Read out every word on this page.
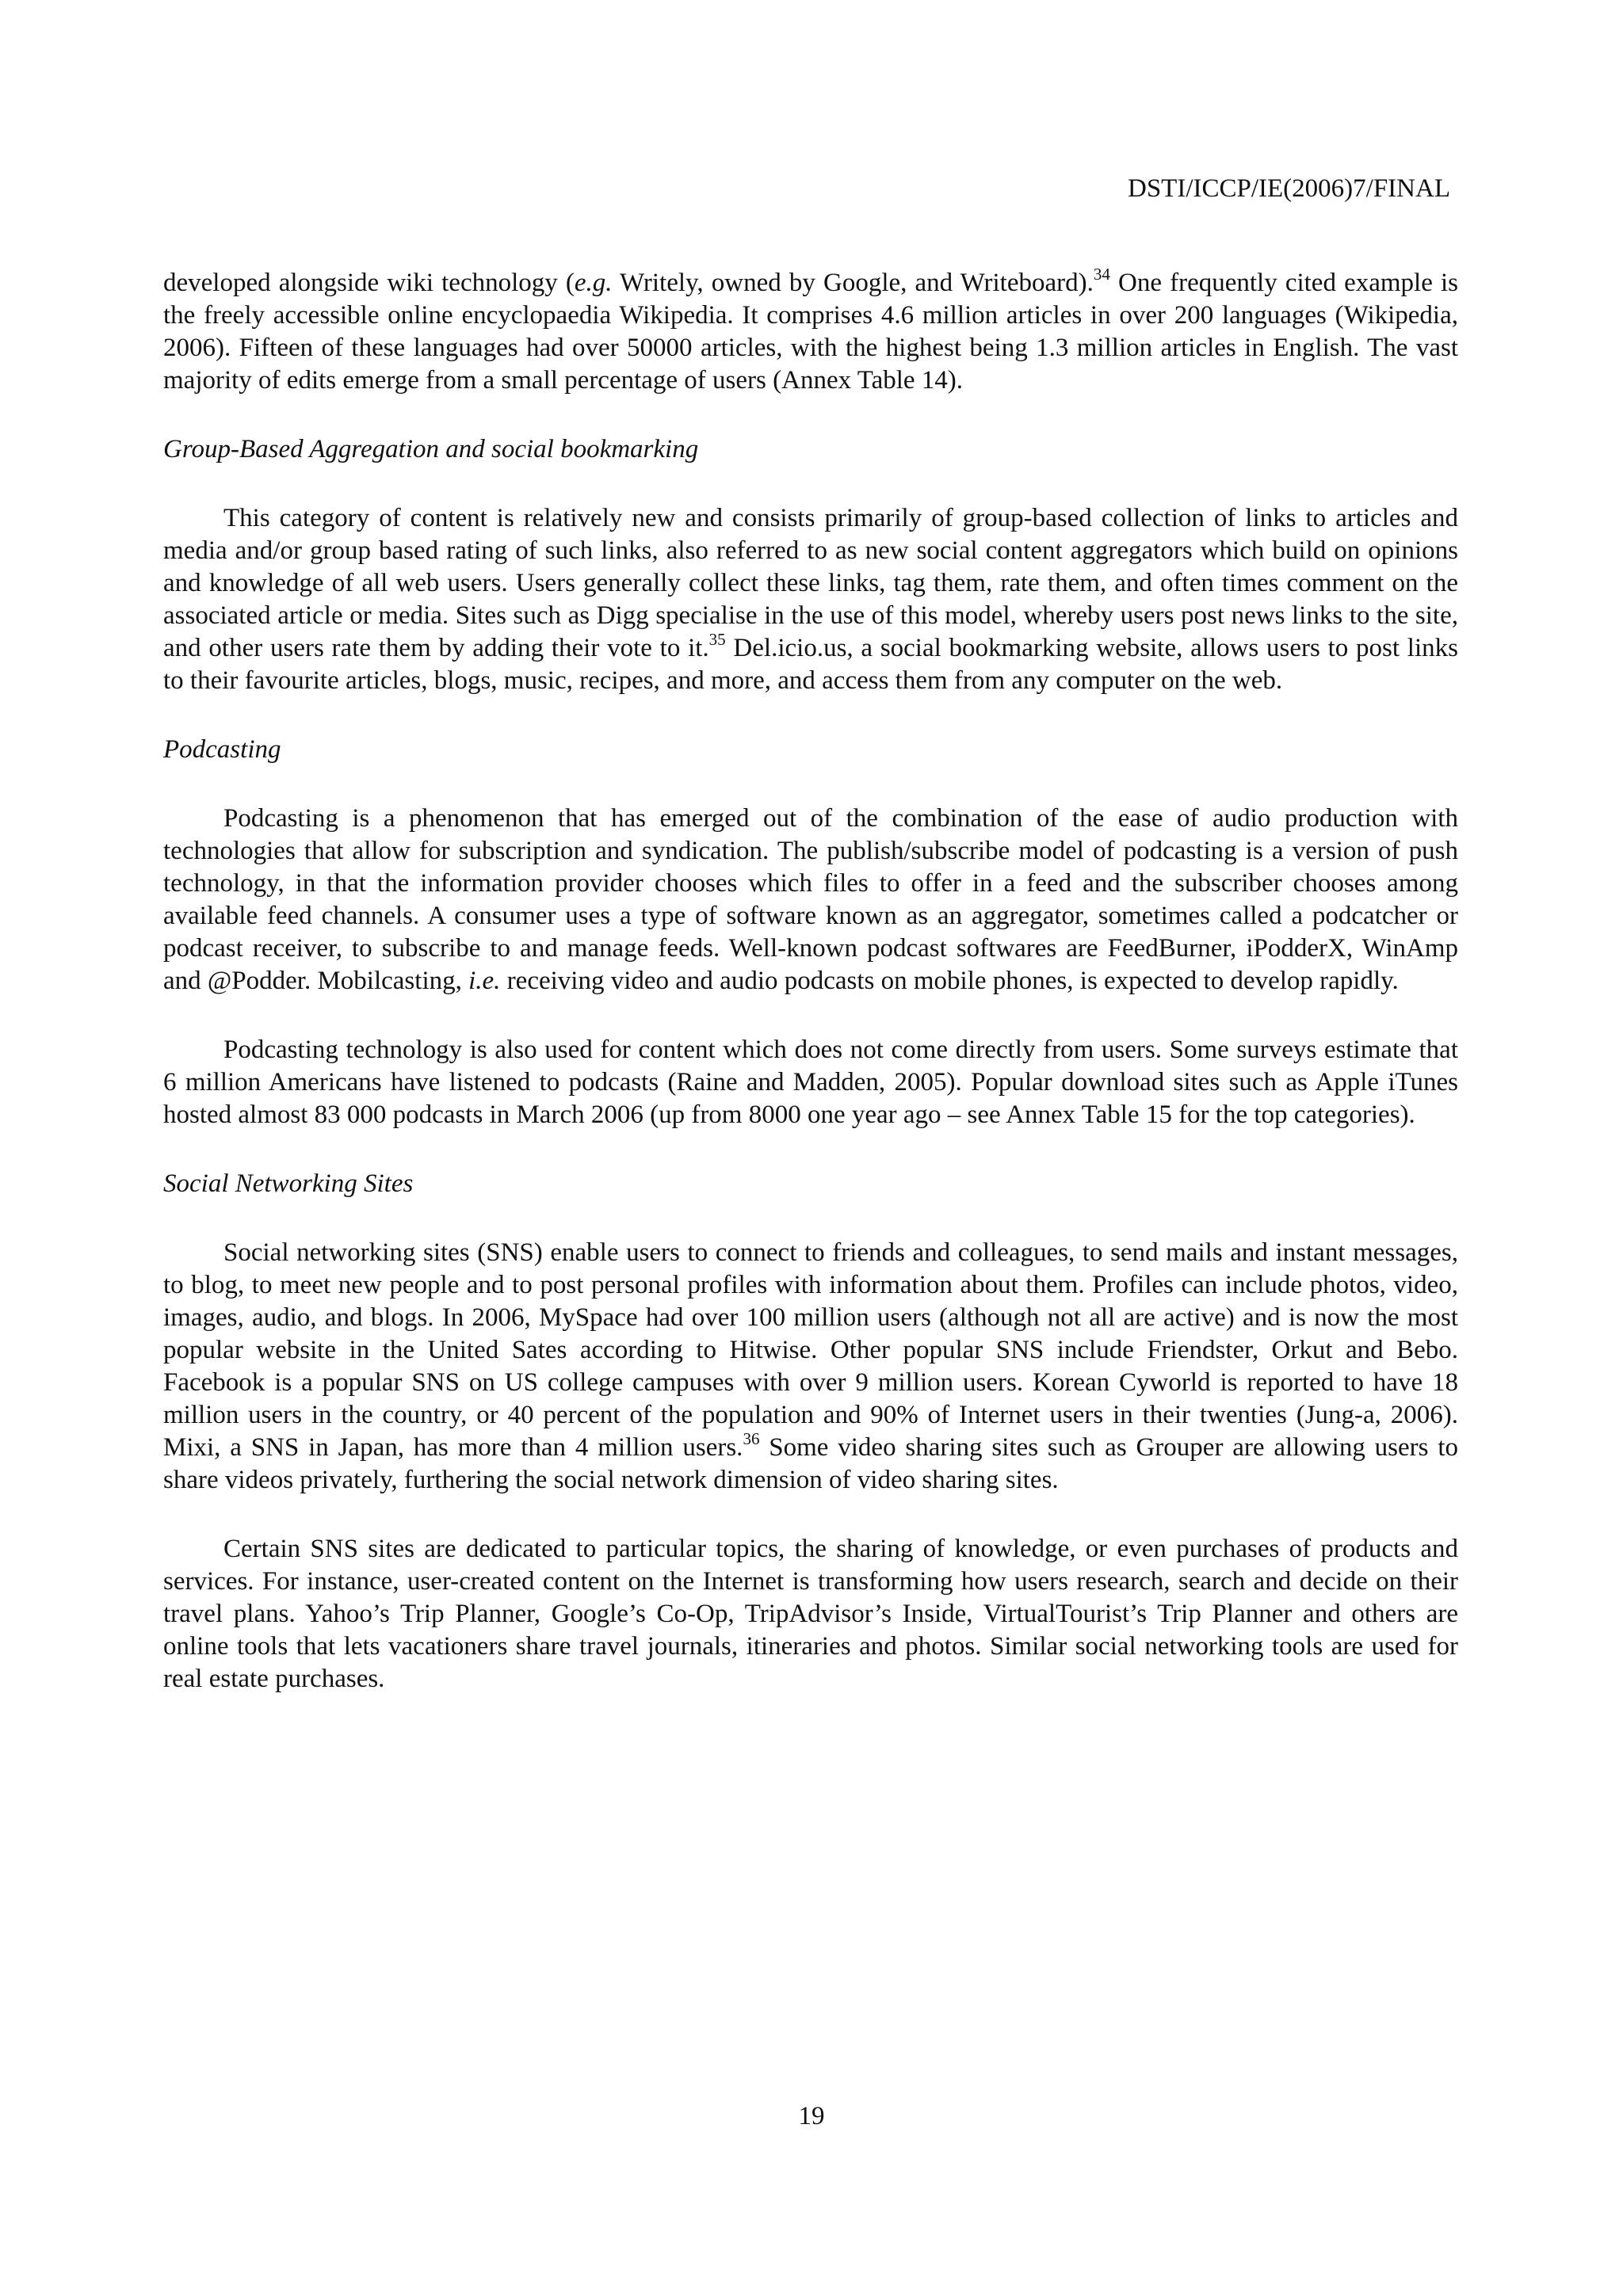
DSTI/ICCP/IE(2006)7/FINAL

developed alongside wiki technology (e.g. Writely, owned by Google, and Writeboard).$^{34}$ One frequently cited example is the freely accessible online encyclopaedia Wikipedia. It comprises 4.6 million articles in over 200 languages (Wikipedia, 2006). Fifteen of these languages had over 50000 articles, with the highest being 1.3 million articles in English. The vast majority of edits emerge from a small percentage of users (Annex Table 14).

Group-Based Aggregation and social bookmarking

This category of content is relatively new and consists primarily of group-based collection of links to articles and media and/or group based rating of such links, also referred to as new social content aggregators which build on opinions and knowledge of all web users. Users generally collect these links, tag them, rate them, and often times comment on the associated article or media. Sites such as Digg specialise in the use of this model, whereby users post news links to the site, and other users rate them by adding their vote to it.$^{35}$ Del.icio.us, a social bookmarking website, allows users to post links to their favourite articles, blogs, music, recipes, and more, and access them from any computer on the web.

Podcasting

Podcasting is a phenomenon that has emerged out of the combination of the ease of audio production with technologies that allow for subscription and syndication. The publish/subscribe model of podcasting is a version of push technology, in that the information provider chooses which files to offer in a feed and the subscriber chooses among available feed channels. A consumer uses a type of software known as an aggregator, sometimes called a podcatcher or podcast receiver, to subscribe to and manage feeds. Well-known podcast softwares are FeedBurner, iPodderX, WinAmp and @Podder. Mobilcasting, i.e. receiving video and audio podcasts on mobile phones, is expected to develop rapidly.

Podcasting technology is also used for content which does not come directly from users. Some surveys estimate that 6 million Americans have listened to podcasts (Raine and Madden, 2005). Popular download sites such as Apple iTunes hosted almost 83 000 podcasts in March 2006 (up from 8000 one year ago – see Annex Table 15 for the top categories).

Social Networking Sites

Social networking sites (SNS) enable users to connect to friends and colleagues, to send mails and instant messages, to blog, to meet new people and to post personal profiles with information about them. Profiles can include photos, video, images, audio, and blogs. In 2006, MySpace had over 100 million users (although not all are active) and is now the most popular website in the United Sates according to Hitwise. Other popular SNS include Friendster, Orkut and Bebo. Facebook is a popular SNS on US college campuses with over 9 million users. Korean Cyworld is reported to have 18 million users in the country, or 40 percent of the population and 90% of Internet users in their twenties (Jung-a, 2006). Mixi, a SNS in Japan, has more than 4 million users.$^{36}$ Some video sharing sites such as Grouper are allowing users to share videos privately, furthering the social network dimension of video sharing sites.

Certain SNS sites are dedicated to particular topics, the sharing of knowledge, or even purchases of products and services. For instance, user-created content on the Internet is transforming how users research, search and decide on their travel plans. Yahoo’s Trip Planner, Google’s Co-Op, TripAdvisor’s Inside, VirtualTourist’s Trip Planner and others are online tools that lets vacationers share travel journals, itineraries and photos. Similar social networking tools are used for real estate purchases.

19
